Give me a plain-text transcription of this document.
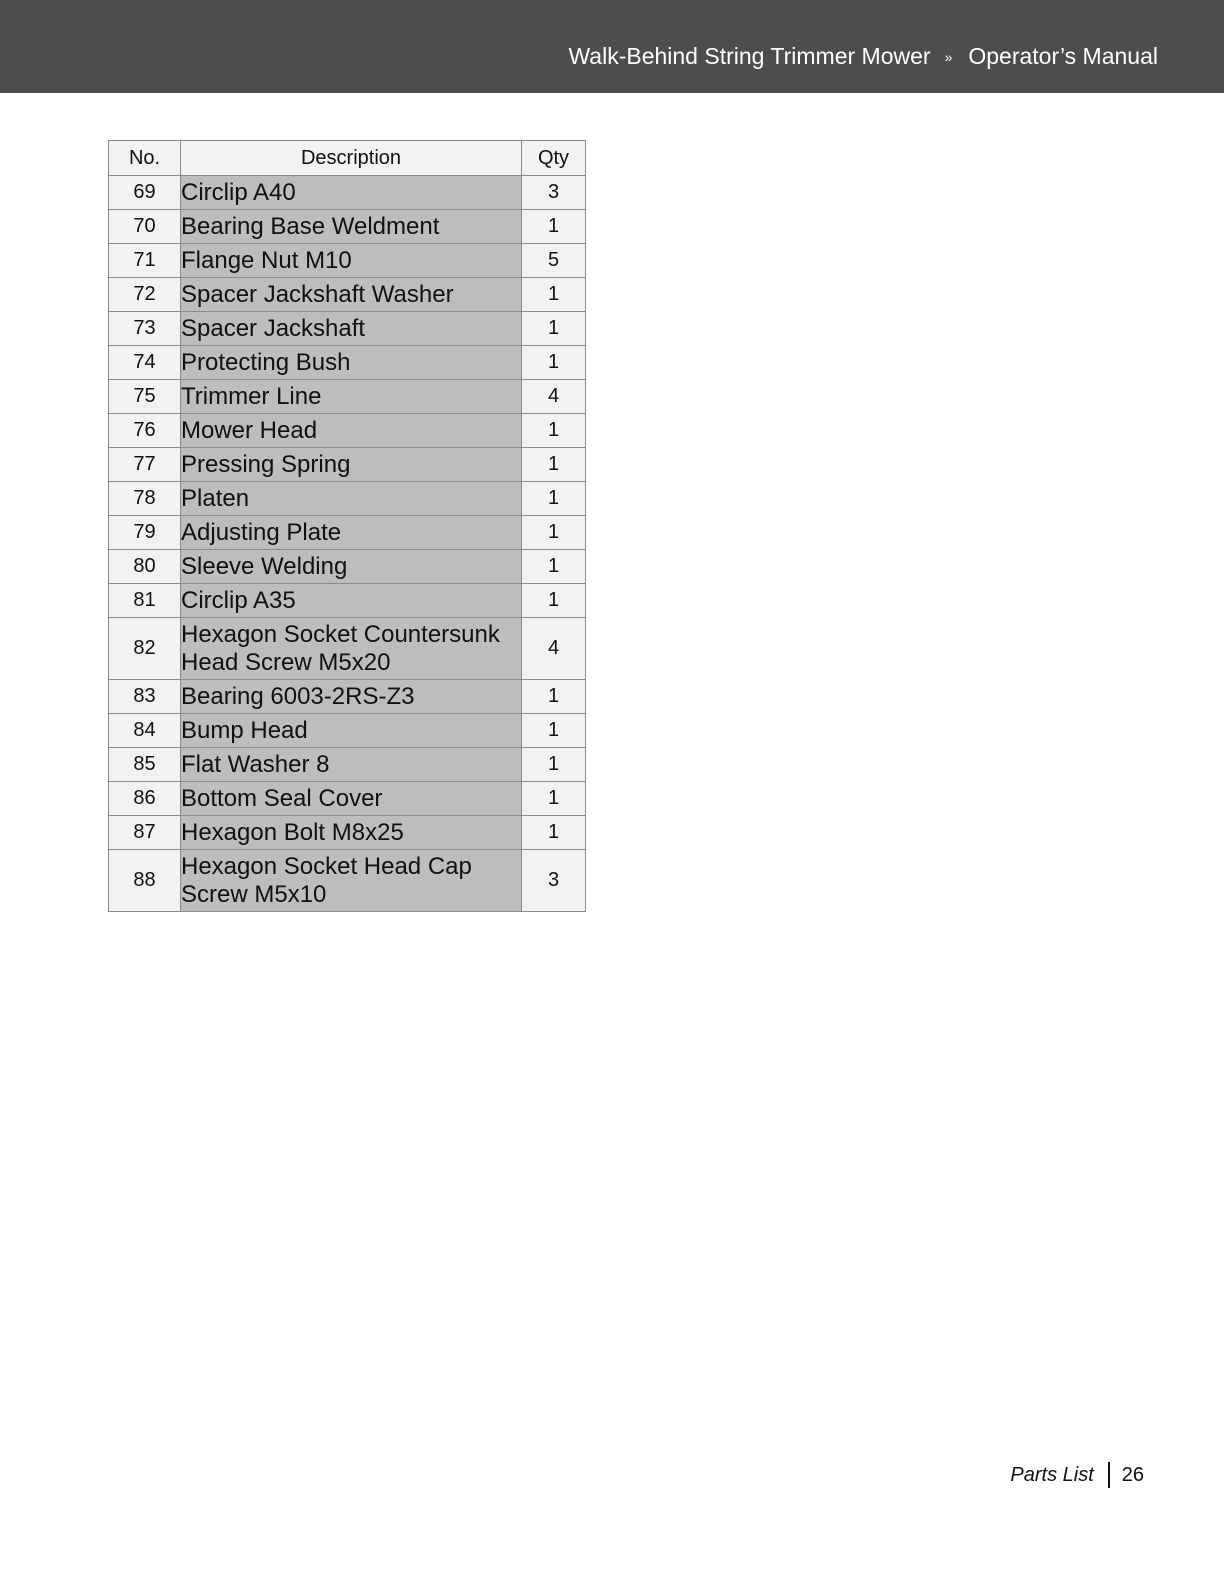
Walk-Behind String Trimmer Mower » Operator’s Manual
No.	Description	Qty
69	Circlip A40	3
70	Bearing Base Weldment	1
71	Flange Nut M10	5
72	Spacer Jackshaft Washer	1
73	Spacer Jackshaft	1
74	Protecting Bush	1
75	Trimmer Line	4
76	Mower Head	1
77	Pressing Spring	1
78	Platen	1
79	Adjusting Plate	1
80	Sleeve Welding	1
81	Circlip A35	1
82	Hexagon Socket Countersunk Head Screw M5x20	4
83	Bearing 6003-2RS-Z3	1
84	Bump Head	1
85	Flat Washer 8	1
86	Bottom Seal Cover	1
87	Hexagon Bolt M8x25	1
88	Hexagon Socket Head Cap Screw M5x10	3
Parts List 26
